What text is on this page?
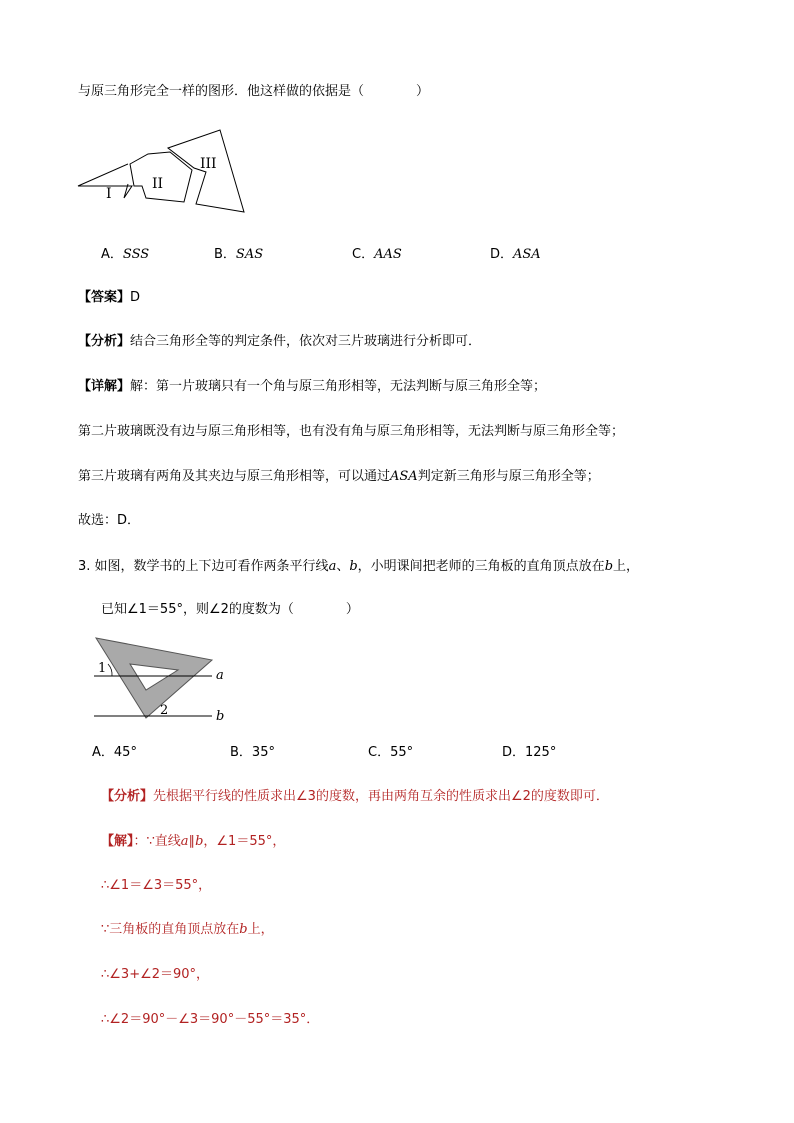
与原三角形完全一样的图形．他这样做的依据是（　　　　）
I
II
III
A．SSS	B．SAS	C．AAS	D．ASA
【答案】D
【分析】结合三角形全等的判定条件，依次对三片玻璃进行分析即可．
【详解】解：第一片玻璃只有一个角与原三角形相等，无法判断与原三角形全等；
第二片玻璃既没有边与原三角形相等，也有没有角与原三角形相等，无法判断与原三角形全等；
第三片玻璃有两角及其夹边与原三角形相等，可以通过ASA判定新三角形与原三角形全等；
故选：D．
3. 如图，数学书的上下边可看作两条平行线a、b，小明课间把老师的三角板的直角顶点放在b上，
已知∠1＝55°，则∠2的度数为（　　　　）
1
2
a
b
A．45°	B．35°	C．55°	D．125°
【分析】先根据平行线的性质求出∠3的度数，再由两角互余的性质求出∠2的度数即可．
【解】：∵直线a∥b，∠1＝55°，
∴∠1＝∠3＝55°，
∵三角板的直角顶点放在b上，
∴∠3+∠2＝90°，
∴∠2＝90°－∠3＝90°－55°＝35°．
